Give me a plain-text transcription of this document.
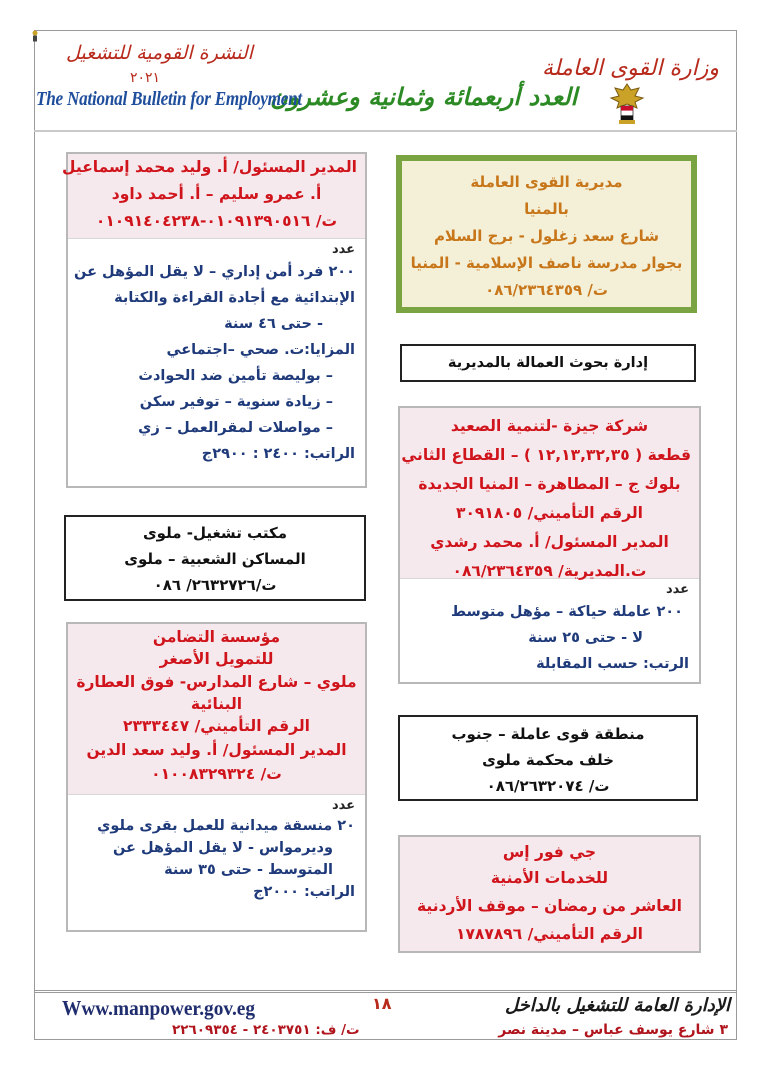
وزارة القوى العاملة
العدد أربعمائة وثمانية وعشرون
النشرة القومية للتشغيل
٢٠٢١
The National Bulletin for Employment
مديرية القوى العاملة
بالمنيا
شارع سعد زغلول - برج السلام
بجوار مدرسة ناصف الإسلامية - المنيا
ت/ ٠٨٦/٢٣٦٤٣٥٩
إدارة بحوث العمالة بالمديرية
شركة جيزة -لتنمية الصعيد
قطعة ( ١٢,١٣,٣٢,٣٥ ) – القطاع الثاني
بلوك ج – المطاهرة – المنيا الجديدة
الرقم التأميني/ ٣٠٩١٨٠٥
المدير المسئول/ أ. محمد رشدي
ت.المديرية/ ٠٨٦/٢٣٦٤٣٥٩
عدد
٢٠٠ عاملة حياكة – مؤهل متوسط
لا - حتى ٢٥ سنة
الرتب: حسب المقابلة
منطقة قوى عاملة – جنوب
خلف محكمة ملوى
ت/ ٠٨٦/٢٦٣٢٠٧٤
جي فور إس
للخدمات الأمنية
العاشر من رمضان – موقف الأردنية
الرقم التأميني/ ١٧٨٧٨٩٦
المدير المسئول/ أ. وليد محمد إسماعيل
أ. عمرو سليم – أ. أحمد داود
ت/ ٠١٠٩١٣٩٠٥١٦-٠١٠٩١٤٠٤٢٣٨
عدد
٢٠٠ فرد أمن إداري – لا يقل المؤهل عن
الإبتدائية مع أجادة القراءة والكتابة
- حتى ٤٦ سنة
المزايا:ت. صحي –اجتماعي
– بوليصة تأمين ضد الحوادث
– زيادة سنوية – توفير سكن
– مواصلات لمقرالعمل – زي
الراتب: ٢٤٠٠ : ٢٩٠٠ج
مكتب تشغيل- ملوى
المساكن الشعبية – ملوى
ت/٢٦٣٢٧٢٦/ ٠٨٦
مؤسسة التضامن
للتمويل الأصغر
ملوي – شارع المدارس- فوق العطارة
البنائية
الرقم التأميني/ ٢٣٣٣٤٤٧
المدير المسئول/ أ. وليد سعد الدين
ت/ ٠١٠٠٨٣٢٩٣٢٤
عدد
٢٠ منسقة ميدانية للعمل بقرى ملوي
وديرمواس - لا يقل المؤهل عن
المتوسط - حتى ٣٥ سنة
الراتب: ٢٠٠٠ج
الإدارة العامة للتشغيل بالداخل
٣ شارع يوسف عباس – مدينة نصر
١٨
Www.manpower.gov.eg
ت/ ف: ٢٤٠٣٧٥١ - ٢٢٦٠٩٣٥٤
